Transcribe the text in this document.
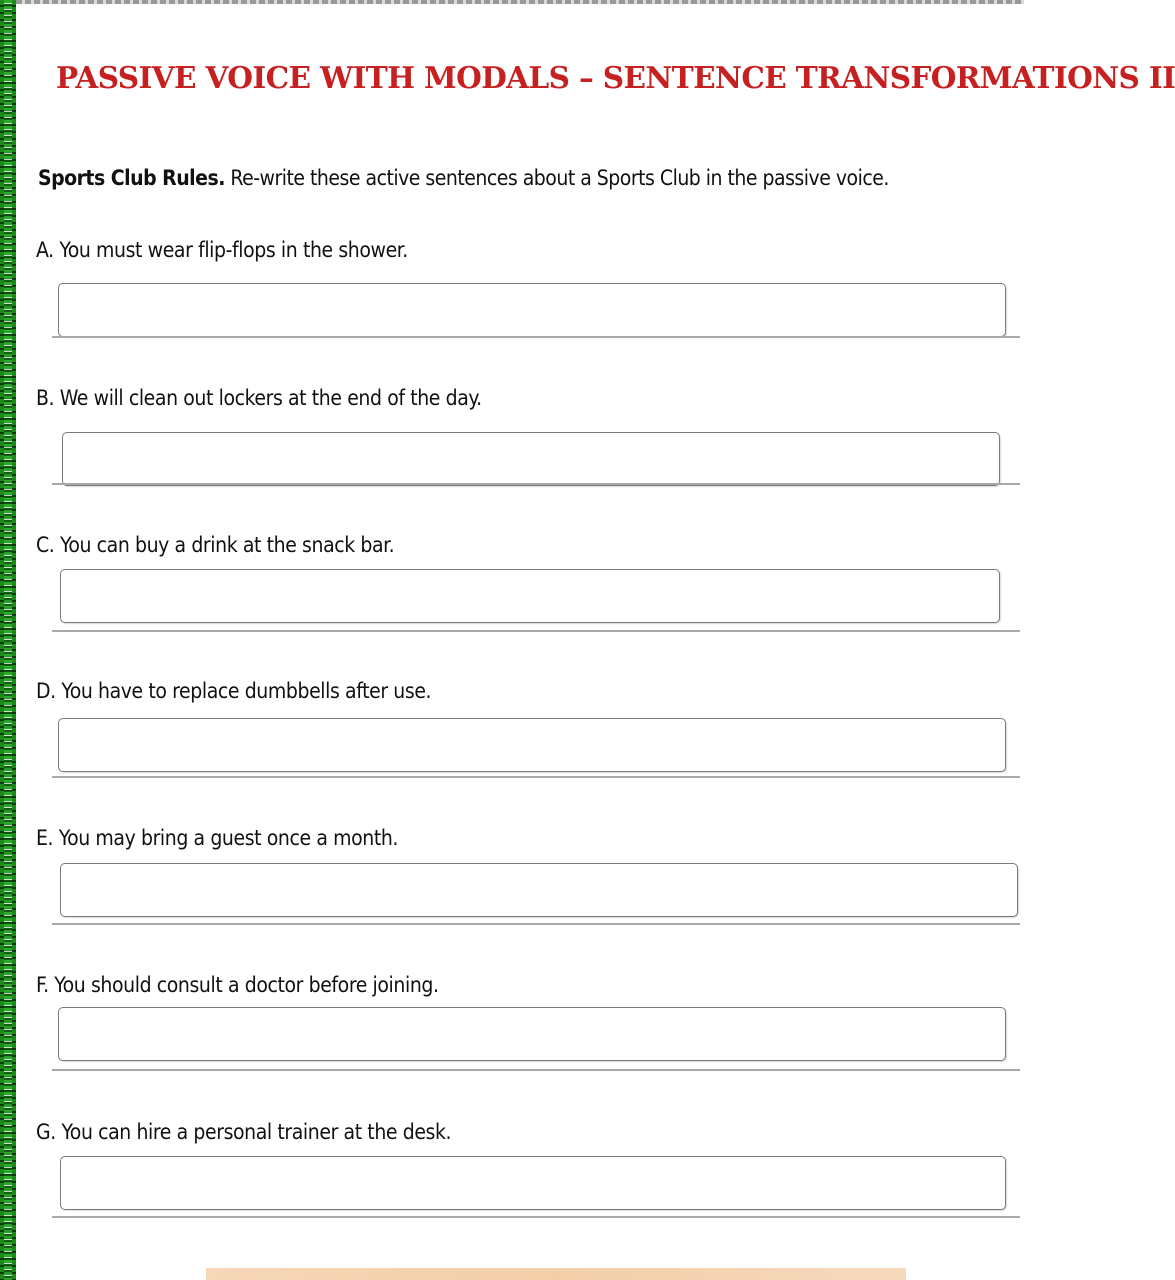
PASSIVE VOICE WITH MODALS – SENTENCE TRANSFORMATIONS II
Sports Club Rules. Re-write these active sentences about a Sports Club in the passive voice.
A. You must wear flip-flops in the shower.
B. We will clean out lockers at the end of the day.
C. You can buy a drink at the snack bar.
D. You have to replace dumbbells after use.
E. You may bring a guest once a month.
F. You should consult a doctor before joining.
G. You can hire a personal trainer at the desk.
